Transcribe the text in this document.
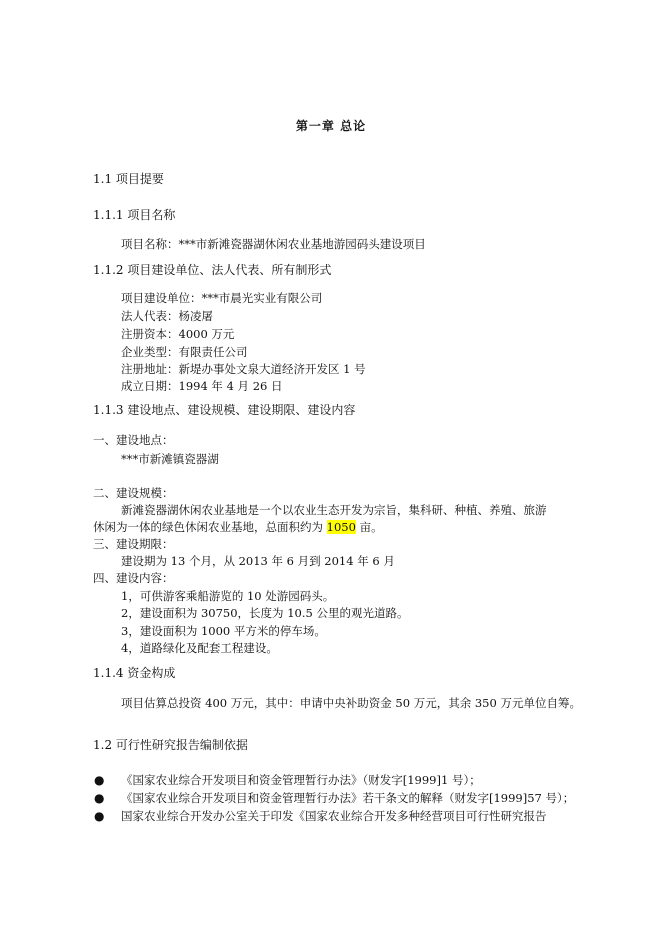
第一章 总论
1.1 项目提要
1.1.1 项目名称
项目名称：***市新滩瓷器湖休闲农业基地游园码头建设项目
1.1.2 项目建设单位、法人代表、所有制形式
项目建设单位：***市晨光实业有限公司
法人代表：杨凌屠
注册资本：4000 万元
企业类型：有限责任公司
注册地址：新堤办事处文泉大道经济开发区 1 号
成立日期：1994 年 4 月 26 日
1.1.3 建设地点、建设规模、建设期限、建设内容
一、建设地点：
***市新滩镇瓷器湖
二、建设规模：
新滩瓷器湖休闲农业基地是一个以农业生态开发为宗旨，集科研、种植、养殖、旅游
休闲为一体的绿色休闲农业基地，总面积约为 1050 亩。
三、建设期限：
建设期为 13 个月，从 2013 年 6 月到 2014 年 6 月
四、建设内容：
1，可供游客乘船游览的 10 处游园码头。
2，建设面积为 30750，长度为 10.5 公里的观光道路。
3，建设面积为 1000 平方米的停车场。
4，道路绿化及配套工程建设。
1.1.4 资金构成
项目估算总投资 400 万元，其中：申请中央补助资金 50 万元，其余 350 万元单位自筹。
1.2 可行性研究报告编制依据
● 《国家农业综合开发项目和资金管理暂行办法》（财发字[1999]1 号）；
● 《国家农业综合开发项目和资金管理暂行办法》若干条文的解释（财发字[1999]57 号）；
● 国家农业综合开发办公室关于印发《国家农业综合开发多种经营项目可行性研究报告
